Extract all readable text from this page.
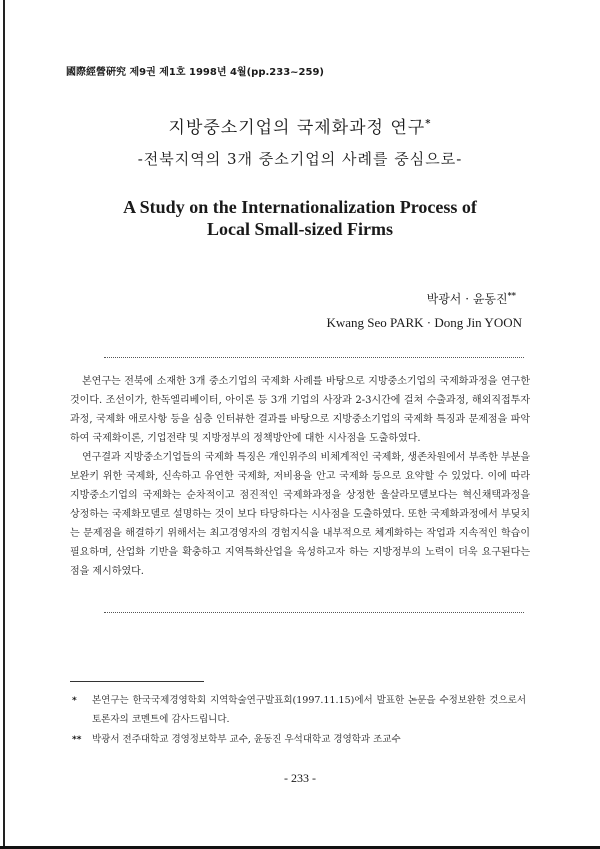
國際經營硏究 제9권 제1호 1998년 4월(pp.233~259)
지방중소기업의 국제화과정 연구*
-전북지역의 3개 중소기업의 사례를 중심으로-
A Study on the Internationalization Process of
Local Small-sized Firms
박광서 · 윤동진**
Kwang Seo PARK · Dong Jin YOON

본연구는 전북에 소재한 3개 중소기업의 국제화 사례를 바탕으로 지방중소기업의 국제화과정을 연구한 것이다. 조선이가, 한독엘리베이터, 아이론 등 3개 기업의 사장과 2-3시간에 걸쳐 수출과정, 해외직접투자과정, 국제화 애로사항 등을 심층 인터뷰한 결과를 바탕으로 지방중소기업의 국제화 특징과 문제점을 파악하여 국제화이론, 기업전략 및 지방정부의 정책방안에 대한 시사점을 도출하였다.

연구결과 지방중소기업들의 국제화 특징은 개인위주의 비체계적인 국제화, 생존차원에서 부족한 부분을 보완키 위한 국제화, 신속하고 유연한 국제화, 저비용을 안고 국제화 등으로 요약할 수 있었다. 이에 따라 지방중소기업의 국제화는 순차적이고 점진적인 국제화과정을 상정한 울살라모델보다는 혁신채택과정을 상정하는 국제화모델로 설명하는 것이 보다 타당하다는 시사점을 도출하였다. 또한 국제화과정에서 부딪치는 문제점을 해결하기 위해서는 최고경영자의 경험지식을 내부적으로 체계화하는 작업과 지속적인 학습이 필요하며, 산업화 기반을 확충하고 지역특화산업을 육성하고자 하는 지방정부의 노력이 더욱 요구된다는 점을 제시하였다.

* 본연구는 한국국제경영학회 지역학술연구발표회(1997.11.15)에서 발표한 논문을 수정보완한 것으로서 토론자의 코멘트에 감사드립니다.
** 박광서 전주대학교 경영정보학부 교수, 윤동진 우석대학교 경영학과 조교수
- 233 -
